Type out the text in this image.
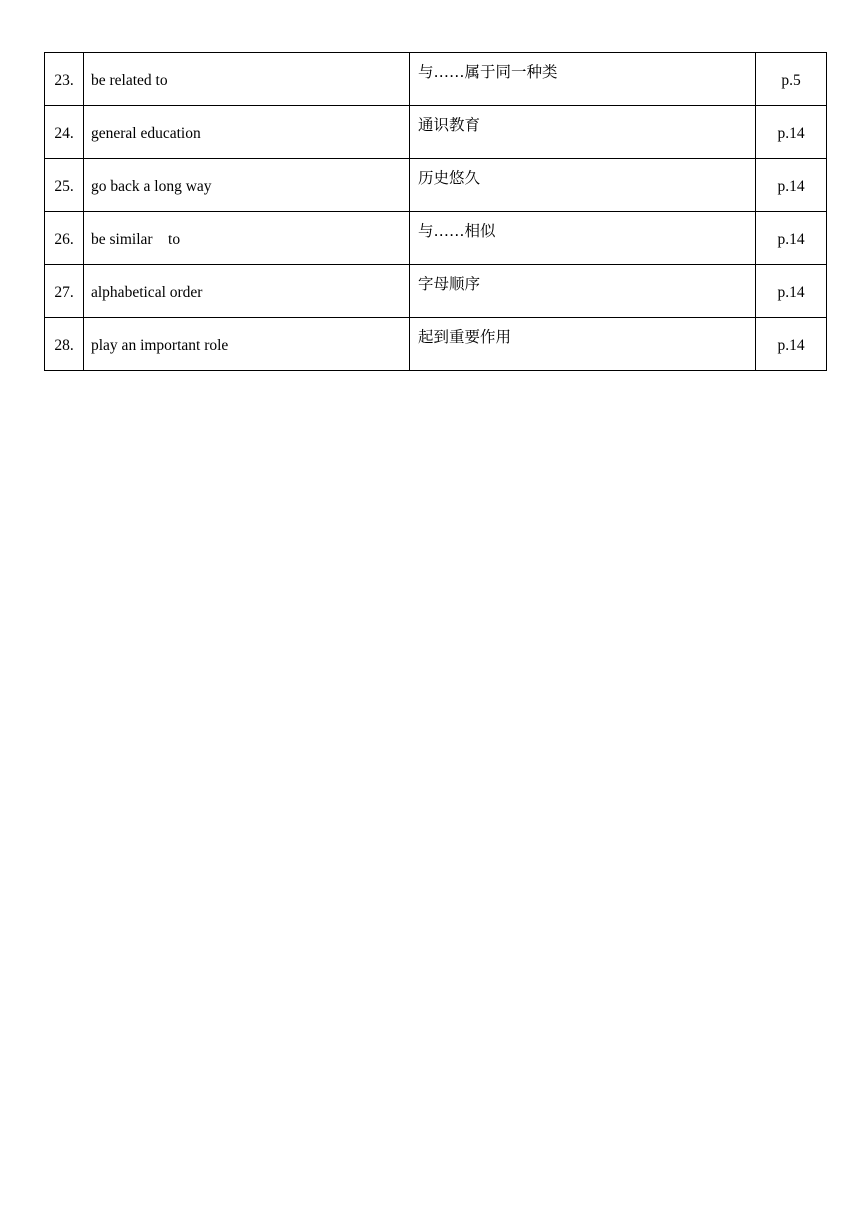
23.	be related to	与……属于同一种类	p.5
24.	general education	通识教育	p.14
25.	go back a long way	历史悠久	p.14
26.	be similar to	与……相似	p.14
27.	alphabetical order	字母顺序	p.14
28.	play an important role	起到重要作用	p.14
